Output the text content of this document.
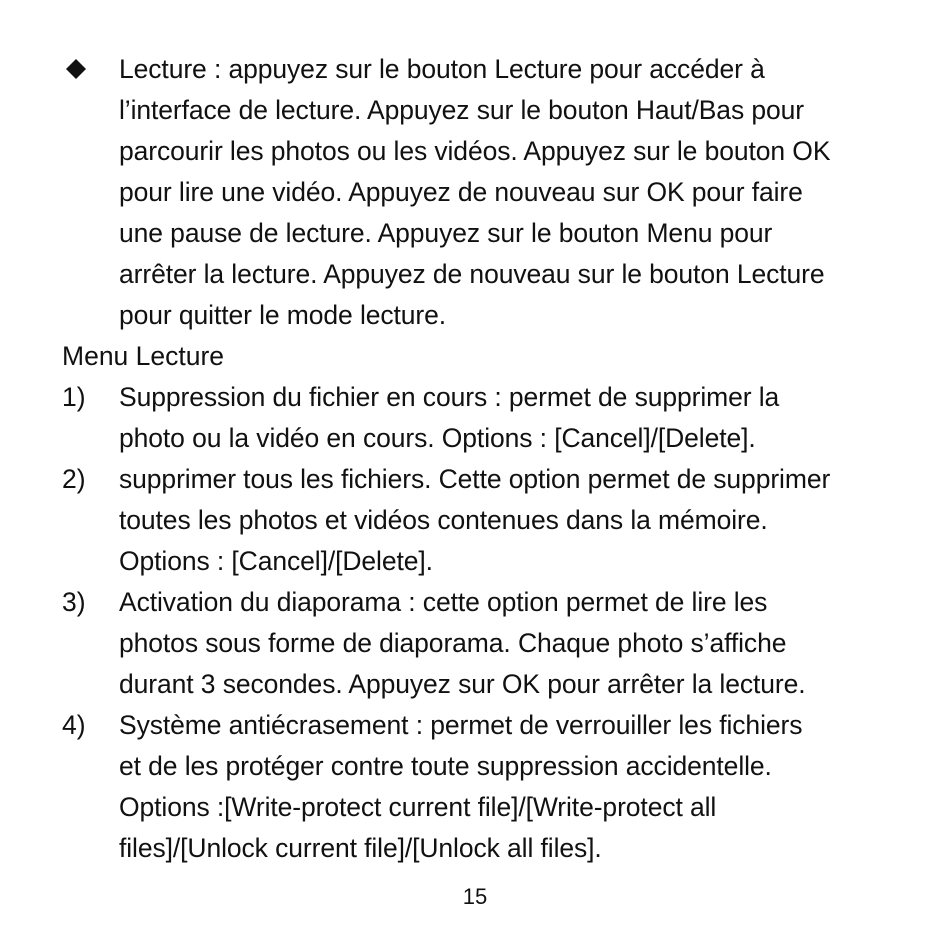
Lecture : appuyez sur le bouton Lecture pour accéder à
l’interface de lecture. Appuyez sur le bouton Haut/Bas pour
parcourir les photos ou les vidéos. Appuyez sur le bouton OK
pour lire une vidéo. Appuyez de nouveau sur OK pour faire
une pause de lecture. Appuyez sur le bouton Menu pour
arrêter la lecture. Appuyez de nouveau sur le bouton Lecture
pour quitter le mode lecture.
Menu Lecture
1) Suppression du fichier en cours : permet de supprimer la
photo ou la vidéo en cours. Options : [Cancel]/[Delete].
2) supprimer tous les fichiers. Cette option permet de supprimer
toutes les photos et vidéos contenues dans la mémoire.
Options : [Cancel]/[Delete].
3) Activation du diaporama : cette option permet de lire les
photos sous forme de diaporama. Chaque photo s’affiche
durant 3 secondes. Appuyez sur OK pour arrêter la lecture.
4) Système antiécrasement : permet de verrouiller les fichiers
et de les protéger contre toute suppression accidentelle.
Options :[Write-protect current file]/[Write-protect all
files]/[Unlock current file]/[Unlock all files].
15
